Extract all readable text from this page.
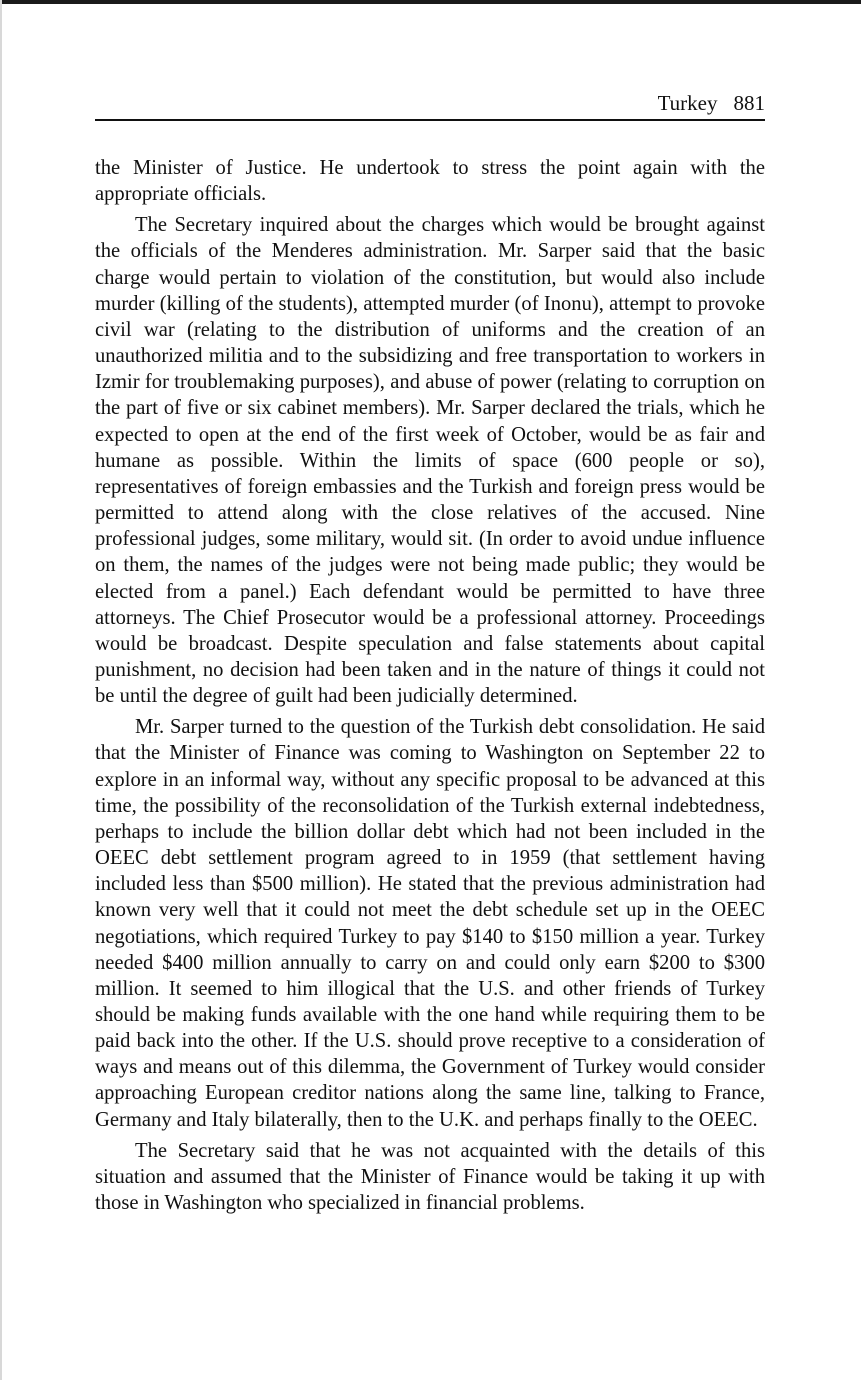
Turkey 881

the Minister of Justice. He undertook to stress the point again with the appropriate officials.

The Secretary inquired about the charges which would be brought against the officials of the Menderes administration. Mr. Sarper said that the basic charge would pertain to violation of the constitution, but would also include murder (killing of the students), attempted murder (of Inonu), attempt to provoke civil war (relating to the distribution of uniforms and the creation of an unauthorized militia and to the subsidizing and free transportation to workers in Izmir for troublemaking purposes), and abuse of power (relating to corruption on the part of five or six cabinet members). Mr. Sarper declared the trials, which he expected to open at the end of the first week of October, would be as fair and humane as possible. Within the limits of space (600 people or so), representatives of foreign embassies and the Turkish and foreign press would be permitted to attend along with the close relatives of the accused. Nine professional judges, some military, would sit. (In order to avoid undue influence on them, the names of the judges were not being made public; they would be elected from a panel.) Each defendant would be permitted to have three attorneys. The Chief Prosecutor would be a professional attorney. Proceedings would be broadcast. Despite speculation and false statements about capital punishment, no decision had been taken and in the nature of things it could not be until the degree of guilt had been judicially determined.

Mr. Sarper turned to the question of the Turkish debt consolidation. He said that the Minister of Finance was coming to Washington on September 22 to explore in an informal way, without any specific proposal to be advanced at this time, the possibility of the reconsolidation of the Turkish external indebtedness, perhaps to include the billion dollar debt which had not been included in the OEEC debt settlement program agreed to in 1959 (that settlement having included less than $500 million). He stated that the previous administration had known very well that it could not meet the debt schedule set up in the OEEC negotiations, which required Turkey to pay $140 to $150 million a year. Turkey needed $400 million annually to carry on and could only earn $200 to $300 million. It seemed to him illogical that the U.S. and other friends of Turkey should be making funds available with the one hand while requiring them to be paid back into the other. If the U.S. should prove receptive to a consideration of ways and means out of this dilemma, the Government of Turkey would consider approaching European creditor nations along the same line, talking to France, Germany and Italy bilaterally, then to the U.K. and perhaps finally to the OEEC.

The Secretary said that he was not acquainted with the details of this situation and assumed that the Minister of Finance would be taking it up with those in Washington who specialized in financial problems.
